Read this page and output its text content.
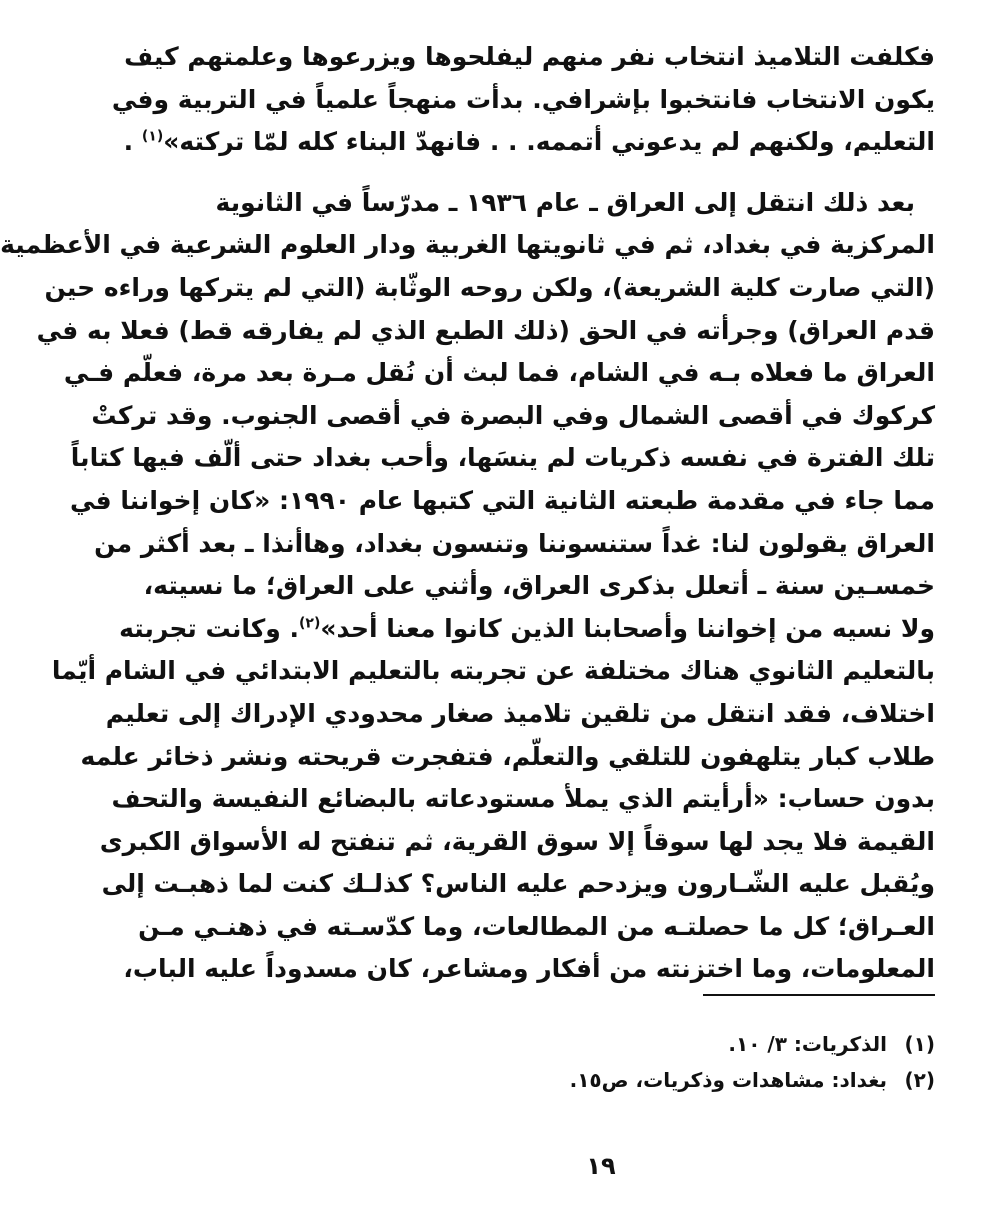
فكلفت التلاميذ انتخاب نفر منهم ليفلحوها ويزرعوها وعلمتهم كيف
يكون الانتخاب فانتخبوا بإشرافي. بدأت منهجاً علمياً في التربية وفي
التعليم، ولكنهم لم يدعوني أتممه. . . فانهدّ البناء كله لمّا تركته»$^{(١)}$ .

بعد ذلك انتقل إلى العراق ـ عام ١٩٣٦ ـ مدرّساً في الثانوية
المركزية في بغداد، ثم في ثانويتها الغربية ودار العلوم الشرعية في الأعظمية
(التي صارت كلية الشريعة)، ولكن روحه الوثّابة (التي لم يتركها وراءه حين
قدم العراق) وجرأته في الحق (ذلك الطبع الذي لم يفارقه قط) فعلا به في
العراق ما فعلاه بـه في الشام، فما لبث أن نُقل مـرة بعد مرة، فعلّم فـي
كركوك في أقصى الشمال وفي البصرة في أقصى الجنوب. وقد تركتْ
تلك الفترة في نفسه ذكريات لم ينسَها، وأحب بغداد حتى ألّف فيها كتاباً
مما جاء في مقدمة طبعته الثانية التي كتبها عام ١٩٩٠: «كان إخواننا في
العراق يقولون لنا: غداً ستنسوننا وتنسون بغداد، وهاأنذا ـ بعد أكثر من
خمسـين سنة ـ أتعلل بذكرى العراق، وأثني على العراق؛ ما نسيته،
ولا نسيه من إخواننا وأصحابنا الذين كانوا معنا أحد»$^{(٢)}$. وكانت تجربته
بالتعليم الثانوي هناك مختلفة عن تجربته بالتعليم الابتدائي في الشام أيّما
اختلاف، فقد انتقل من تلقين تلاميذ صغار محدودي الإدراك إلى تعليم
طلاب كبار يتلهفون للتلقي والتعلّم، فتفجرت قريحته ونشر ذخائر علمه
بدون حساب: «أرأيتم الذي يملأ مستودعاته بالبضائع النفيسة والتحف
القيمة فلا يجد لها سوقاً إلا سوق القرية، ثم تنفتح له الأسواق الكبرى
ويُقبل عليه الشّـارون ويزدحم عليه الناس؟ كذلـك كنت لما ذهبـت إلى
العـراق؛ كل ما حصلتـه من المطالعات، وما كدّسـته في ذهنـي مـن
المعلومات، وما اختزنته من أفكار ومشاعر، كان مسدوداً عليه الباب،

(١)الذكريات: ٣/ ١٠.
(٢)بغداد: مشاهدات وذكريات، ص١٥.
١٩
